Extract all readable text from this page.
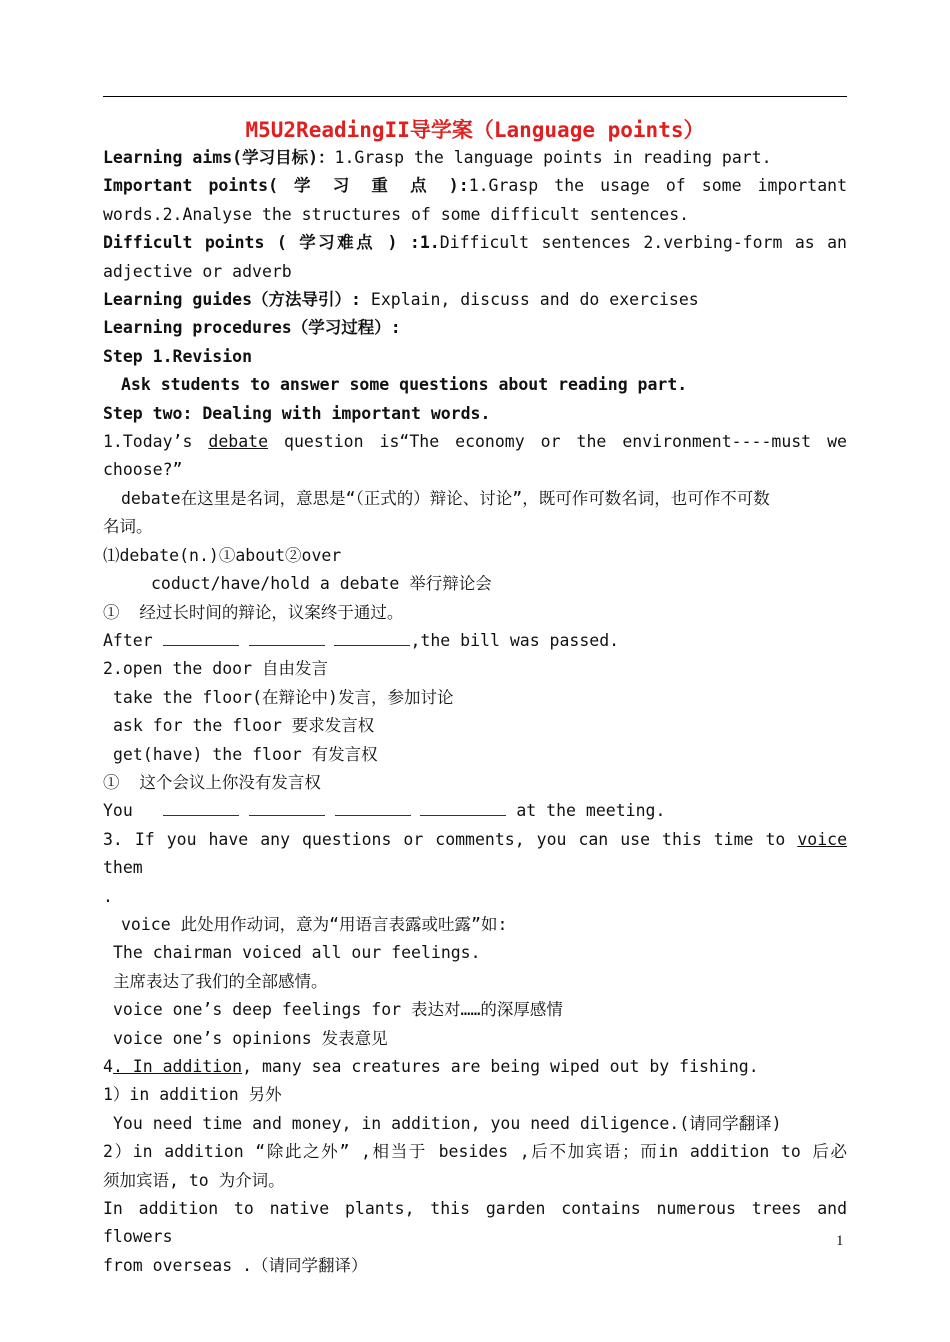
M5U2ReadingII导学案（Language points）
Learning aims(学习目标)：1.Grasp the language points in reading part.
Important points( 学 习 重 点 ):1.Grasp the usage of some important
words.2.Analyse the structures of some difficult sentences.
Difficult points ( 学习难点 ) :1.Difficult sentences 2.verbing-form as an
adjective or adverb
Learning guides（方法导引）: Explain, discuss and do exercises
Learning procedures（学习过程）:
Step 1.Revision
Ask students to answer some questions about reading part.
Step two: Dealing with important words.
1.Today’s debate question is“The economy or the environment----must we
choose?”
debate在这里是名词，意思是“（正式的）辩论、讨论”，既可作可数名词，也可作不可数
名词。
⑴debate(n.)①about②over
coduct/have/hold a debate 举行辩论会
①  经过长时间的辩论，议案终于通过。
After	,the bill was passed.
2.open the door 自由发言
take the floor(在辩论中)发言，参加讨论
ask for the floor 要求发言权
get(have) the floor 有发言权
①  这个会议上你没有发言权
You	at the meeting.
3. If you have any questions or comments, you can use this time to voice them
.
voice 此处用作动词，意为“用语言表露或吐露”如:
The chairman voiced all our feelings.
主席表达了我们的全部感情。
voice one’s deep feelings for 表达对……的深厚感情
voice one’s opinions 发表意见
4. In addition, many sea creatures are being wiped out by fishing.
1）in addition 另外
You need time and money, in addition, you need diligence.(请同学翻译)
2）in addition “除此之外” ,相当于 besides ,后不加宾语；而in addition to 后必
须加宾语, to 为介词。
In addition to native plants, this garden contains numerous trees and flowers
from overseas .（请同学翻译）
1
